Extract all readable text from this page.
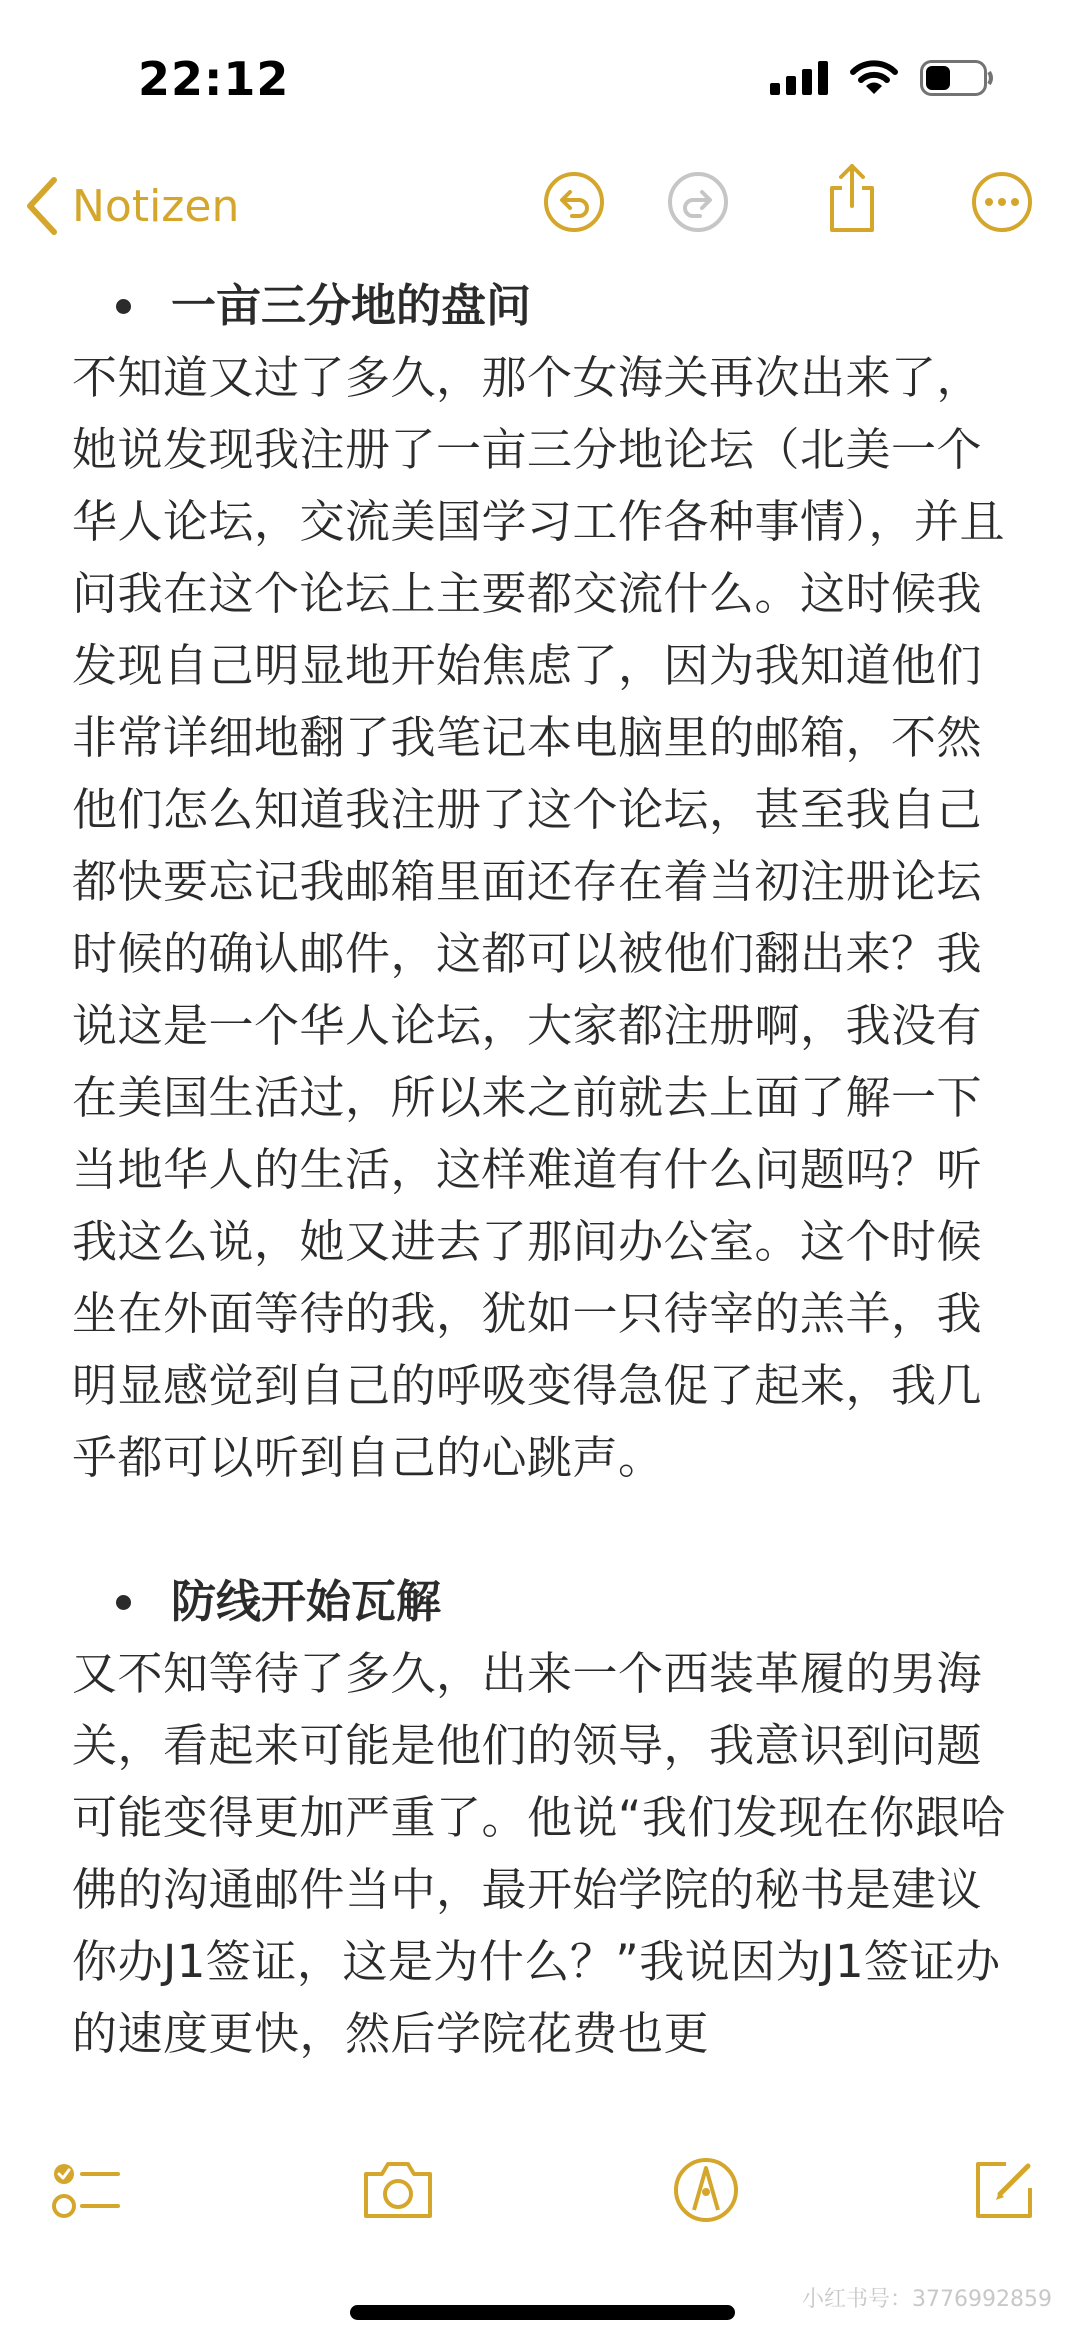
22:12
Notizen
一亩三分地的盘问

不知道又过了多久，那个女海关再次出来了，她说发现我注册了一亩三分地论坛（北美一个华人论坛，交流美国学习工作各种事情），并且问我在这个论坛上主要都交流什么。这时候我发现自己明显地开始焦虑了，因为我知道他们非常详细地翻了我笔记本电脑里的邮箱，不然他们怎么知道我注册了这个论坛，甚至我自己都快要忘记我邮箱里面还存在着当初注册论坛时候的确认邮件，这都可以被他们翻出来？我说这是一个华人论坛，大家都注册啊，我没有在美国生活过，所以来之前就去上面了解一下当地华人的生活，这样难道有什么问题吗？听我这么说，她又进去了那间办公室。这个时候坐在外面等待的我，犹如一只待宰的羔羊，我明显感觉到自己的呼吸变得急促了起来，我几乎都可以听到自己的心跳声。

防线开始瓦解

又不知等待了多久，出来一个西装革履的男海关，看起来可能是他们的领导，我意识到问题可能变得更加严重了。他说“我们发现在你跟哈佛的沟通邮件当中，最开始学院的秘书是建议你办J1签证，这是为什么？”我说因为J1签证办的速度更快，然后学院花费也更

小红书号：3776992859
